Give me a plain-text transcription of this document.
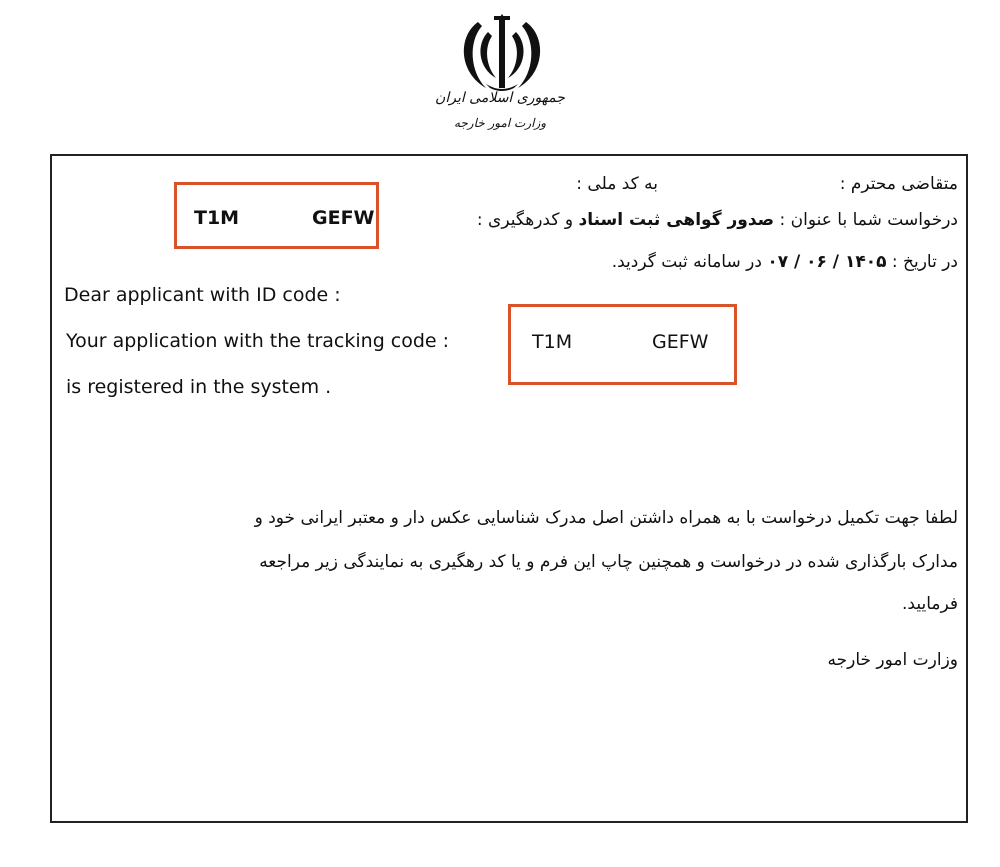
جمهوری اسلامی ایران
وزارت امور خارجه
متقاضی محترم :
به کد ملی :
درخواست شما با عنوان : صدور گواهی ثبت اسناد و کدرهگیری :
T1M	GEFW
در تاریخ : ۱۴۰۵ / ۰۶ / ۰۷ در سامانه ثبت گردید.
Dear applicant with ID code :
Your application with the tracking code :
is registered in the system .
T1M	GEFW
لطفا جهت تکمیل درخواست با به همراه داشتن اصل مدرک شناسایی عکس دار و معتبر ایرانی خود و
مدارک بارگذاری شده در درخواست و همچنین چاپ این فرم و یا کد رهگیری به نمایندگی زیر مراجعه
فرمایید.
وزارت امور خارجه
